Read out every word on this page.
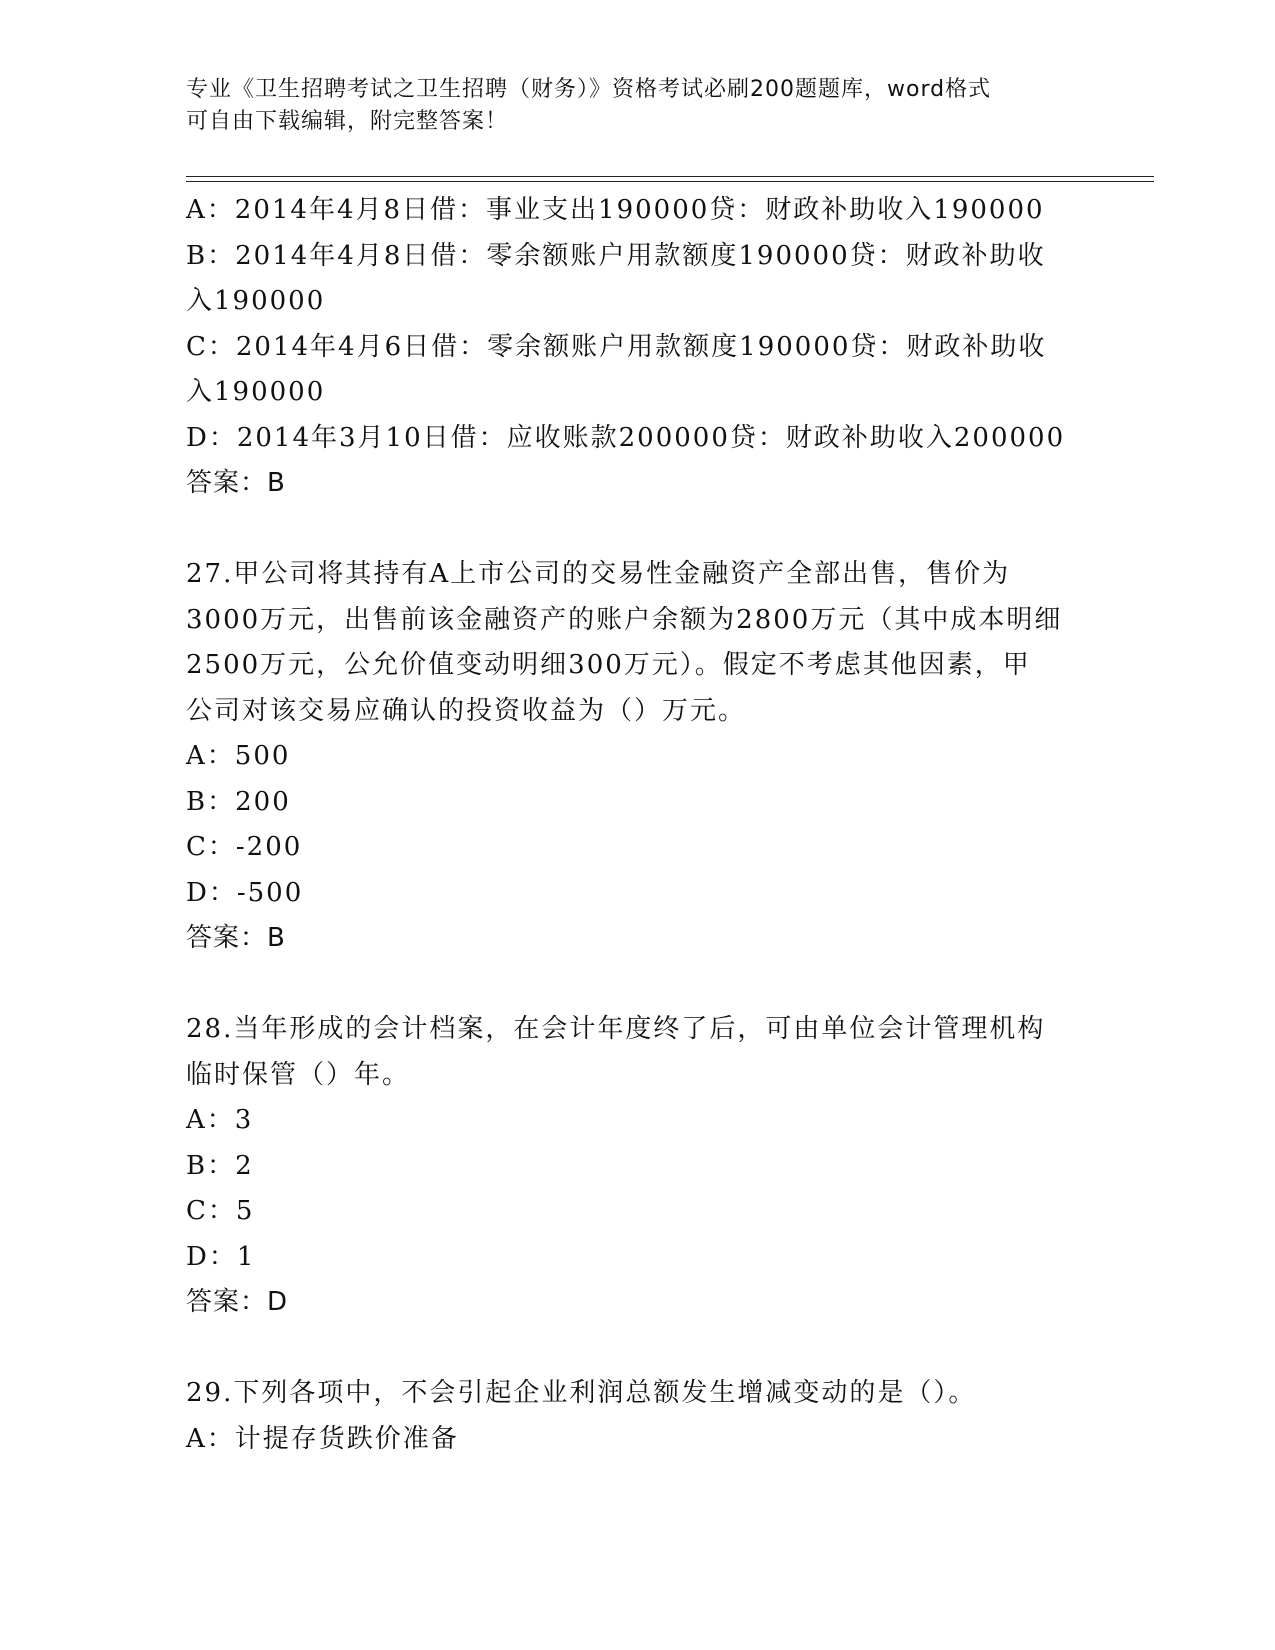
专业《卫生招聘考试之卫生招聘（财务）》资格考试必刷200题题库，word格式
可自由下载编辑，附完整答案！

A：2014年4月8日借：事业支出190000贷：财政补助收入190000

B：2014年4月8日借：零余额账户用款额度190000贷：财政补助收

入190000

C：2014年4月6日借：零余额账户用款额度190000贷：财政补助收

入190000

D：2014年3月10日借：应收账款200000贷：财政补助收入200000

答案：B

27.甲公司将其持有A上市公司的交易性金融资产全部出售，售价为

3000万元，出售前该金融资产的账户余额为2800万元（其中成本明细

2500万元，公允价值变动明细300万元）。假定不考虑其他因素，甲

公司对该交易应确认的投资收益为（）万元。

A：500

B：200

C：-200

D：-500

答案：B

28.当年形成的会计档案，在会计年度终了后，可由单位会计管理机构

临时保管（）年。

A：3

B：2

C：5

D：1

答案：D

29.下列各项中，不会引起企业利润总额发生增减变动的是（）。

A：计提存货跌价准备
